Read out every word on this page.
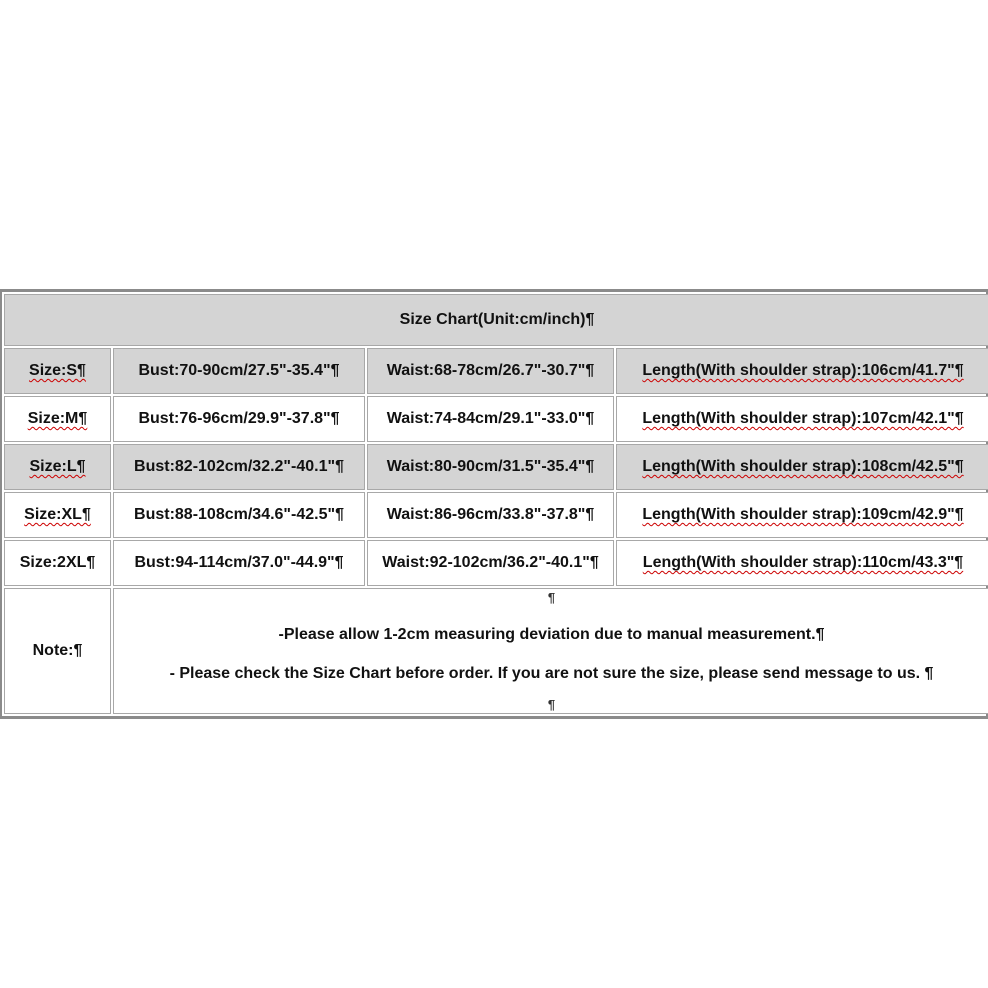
Size Chart(Unit:cm/inch)¶			
Size:S¶	Bust:70-90cm/27.5"-35.4"¶	Waist:68-78cm/26.7"-30.7"¶	Length(With shoulder strap):106cm/41.7"¶
Size:M¶	Bust:76-96cm/29.9"-37.8"¶	Waist:74-84cm/29.1"-33.0"¶	Length(With shoulder strap):107cm/42.1"¶
Size:L¶	Bust:82-102cm/32.2"-40.1"¶	Waist:80-90cm/31.5"-35.4"¶	Length(With shoulder strap):108cm/42.5"¶
Size:XL¶	Bust:88-108cm/34.6"-42.5"¶	Waist:86-96cm/33.8"-37.8"¶	Length(With shoulder strap):109cm/42.9"¶
Size:2XL¶	Bust:94-114cm/37.0"-44.9"¶	Waist:92-102cm/36.2"-40.1"¶	Length(With shoulder strap):110cm/43.3"¶
Note:¶	¶
-Please allow 1-2cm measuring deviation due to manual measurement.¶
- Please check the Size Chart before order. If you are not sure the size, please send message to us. ¶
¶		
